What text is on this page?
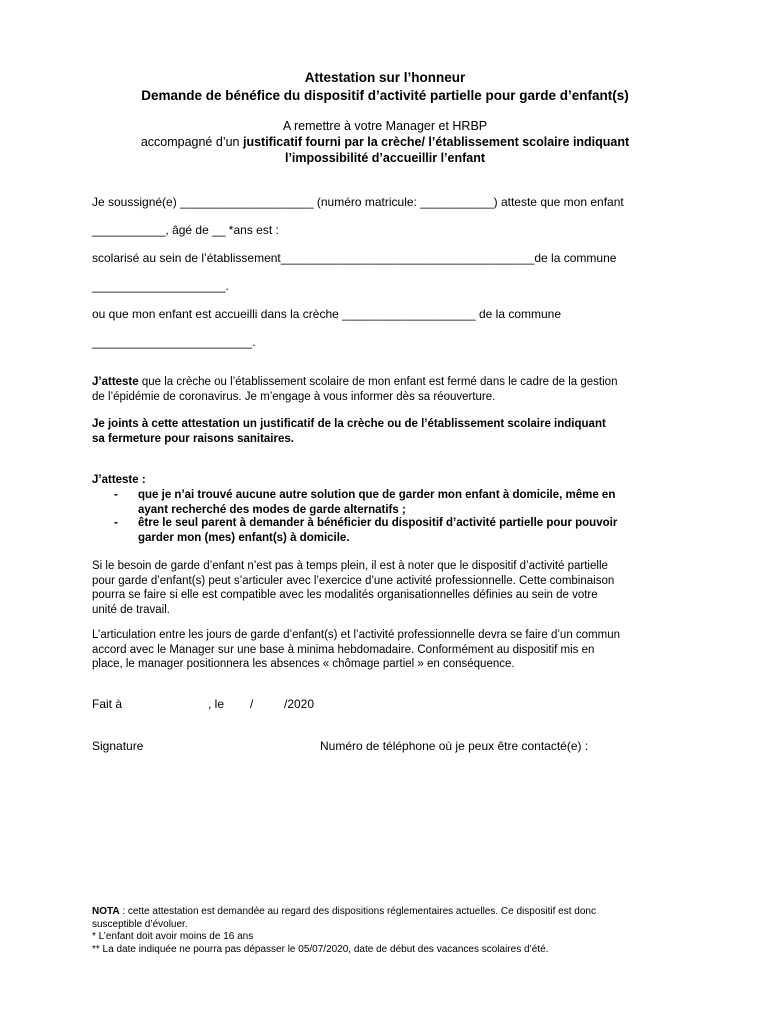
Attestation sur l’honneur
Demande de bénéfice du dispositif d’activité partielle pour garde d’enfant(s)
A remettre à votre Manager et HRBP
accompagné d’un justificatif fourni par la crèche/ l’établissement scolaire indiquant
l’impossibilité d’accueillir l’enfant
Je soussigné(e) ____________________ (numéro matricule: ___________) atteste que mon enfant
___________, âgé de __ *ans est :
scolarisé au sein de l’établissement______________________________________de la commune
____________________.
ou que mon enfant est accueilli dans la crèche ____________________ de la commune
________________________.

J’atteste que la crèche ou l’établissement scolaire de mon enfant est fermé dans le cadre de la gestion

de l’épidémie de coronavirus. Je m’engage à vous informer dès sa réouverture.

Je joints à cette attestation un justificatif de la crèche ou de l’établissement scolaire indiquant

sa fermeture pour raisons sanitaires.

J’atteste :
- que je n’ai trouvé aucune autre solution que de garder mon enfant à domicile, même en
ayant recherché des modes de garde alternatifs ;
- être le seul parent à demander à bénéficier du dispositif d’activité partielle pour pouvoir
garder mon (mes) enfant(s) à domicile.

Si le besoin de garde d’enfant n’est pas à temps plein, il est à noter que le dispositif d’activité partielle

pour garde d’enfant(s) peut s’articuler avec l’exercice d’une activité professionnelle. Cette combinaison

pourra se faire si elle est compatible avec les modalités organisationnelles définies au sein de votre

unité de travail.

L’articulation entre les jours de garde d’enfant(s) et l’activité professionnelle devra se faire d’un commun

accord avec le Manager sur une base à minima hebdomadaire. Conformément au dispositif mis en

place, le manager positionnera les absences « chômage partiel » en conséquence.

Fait à	, le /	/2020
Signature	Numéro de téléphone où je peux être contacté(e) :
NOTA : cette attestation est demandée au regard des dispositions réglementaires actuelles. Ce dispositif est donc
susceptible d’évoluer.
* L’enfant doit avoir moins de 16 ans
** La date indiquée ne pourra pas dépasser le 05/07/2020, date de début des vacances scolaires d’été.
